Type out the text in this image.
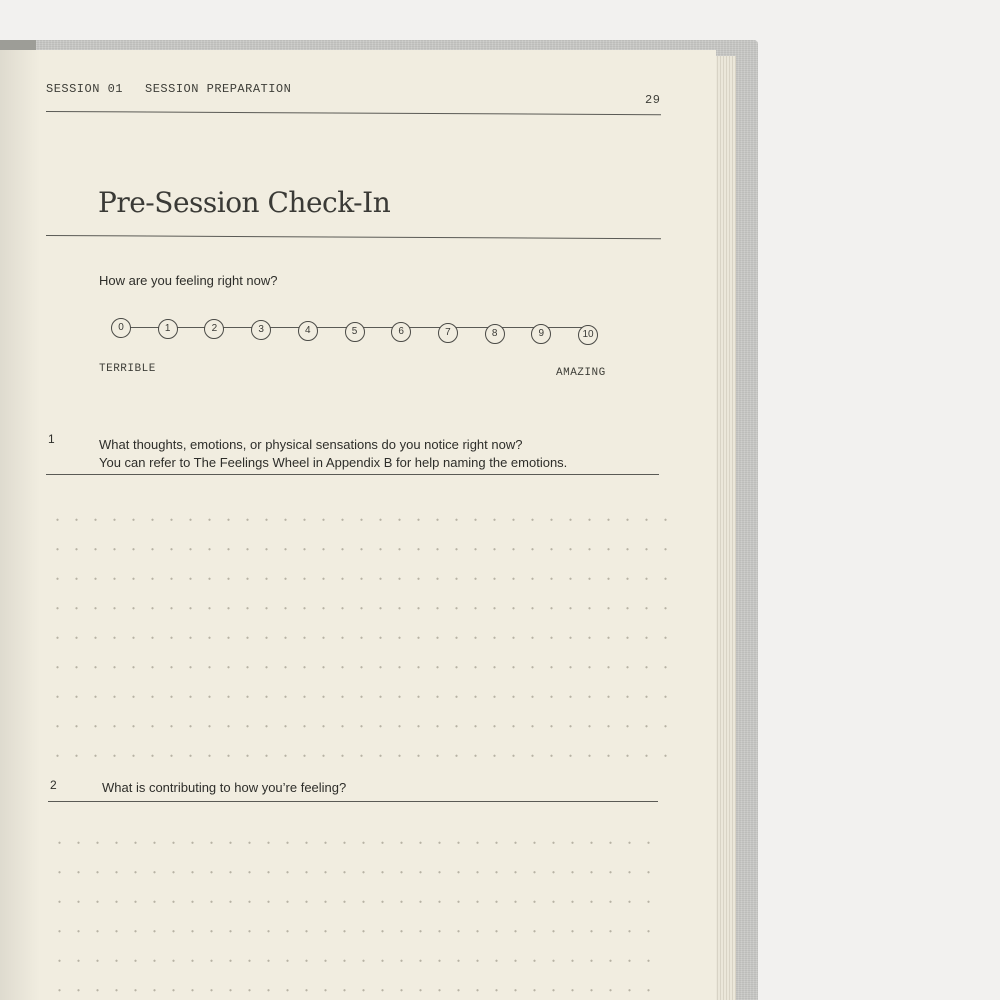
SESSION 01 SESSION PREPARATION
29
Pre-Session Check-In
How are you feeling right now?
0	1	2	3	4	5	6	7	8	9	10
TERRIBLE	AMAZING
1	What thoughts, emotions, or physical sensations do you notice right now?
You can refer to The Feelings Wheel in Appendix B for help naming the emotions.
2	What is contributing to how you’re feeling?
